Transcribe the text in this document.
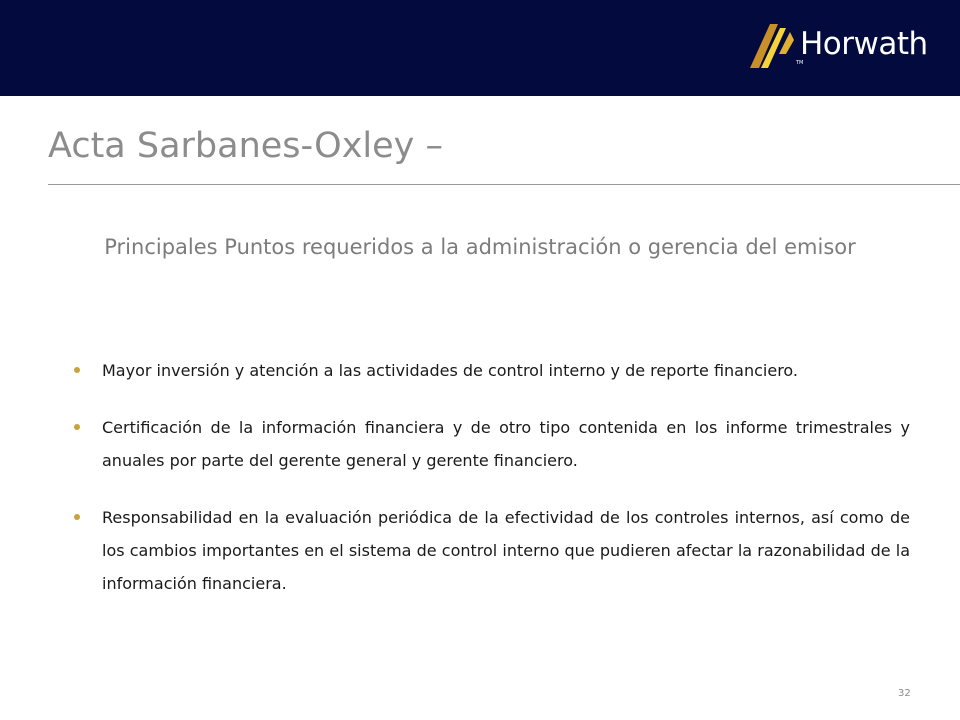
Horwath
TM
Acta Sarbanes-Oxley –
Principales Puntos requeridos a la administración o gerencia del emisor
Mayor inversión y atención a las actividades de control interno y de reporte financiero.
Certificación de la información financiera y de otro tipo contenida en los informe trimestrales y anuales por parte del gerente general y gerente financiero.
Responsabilidad en la evaluación periódica de la efectividad de los controles internos, así como de los cambios importantes en el sistema de control interno que pudieren afectar la razonabilidad de la información financiera.
32
